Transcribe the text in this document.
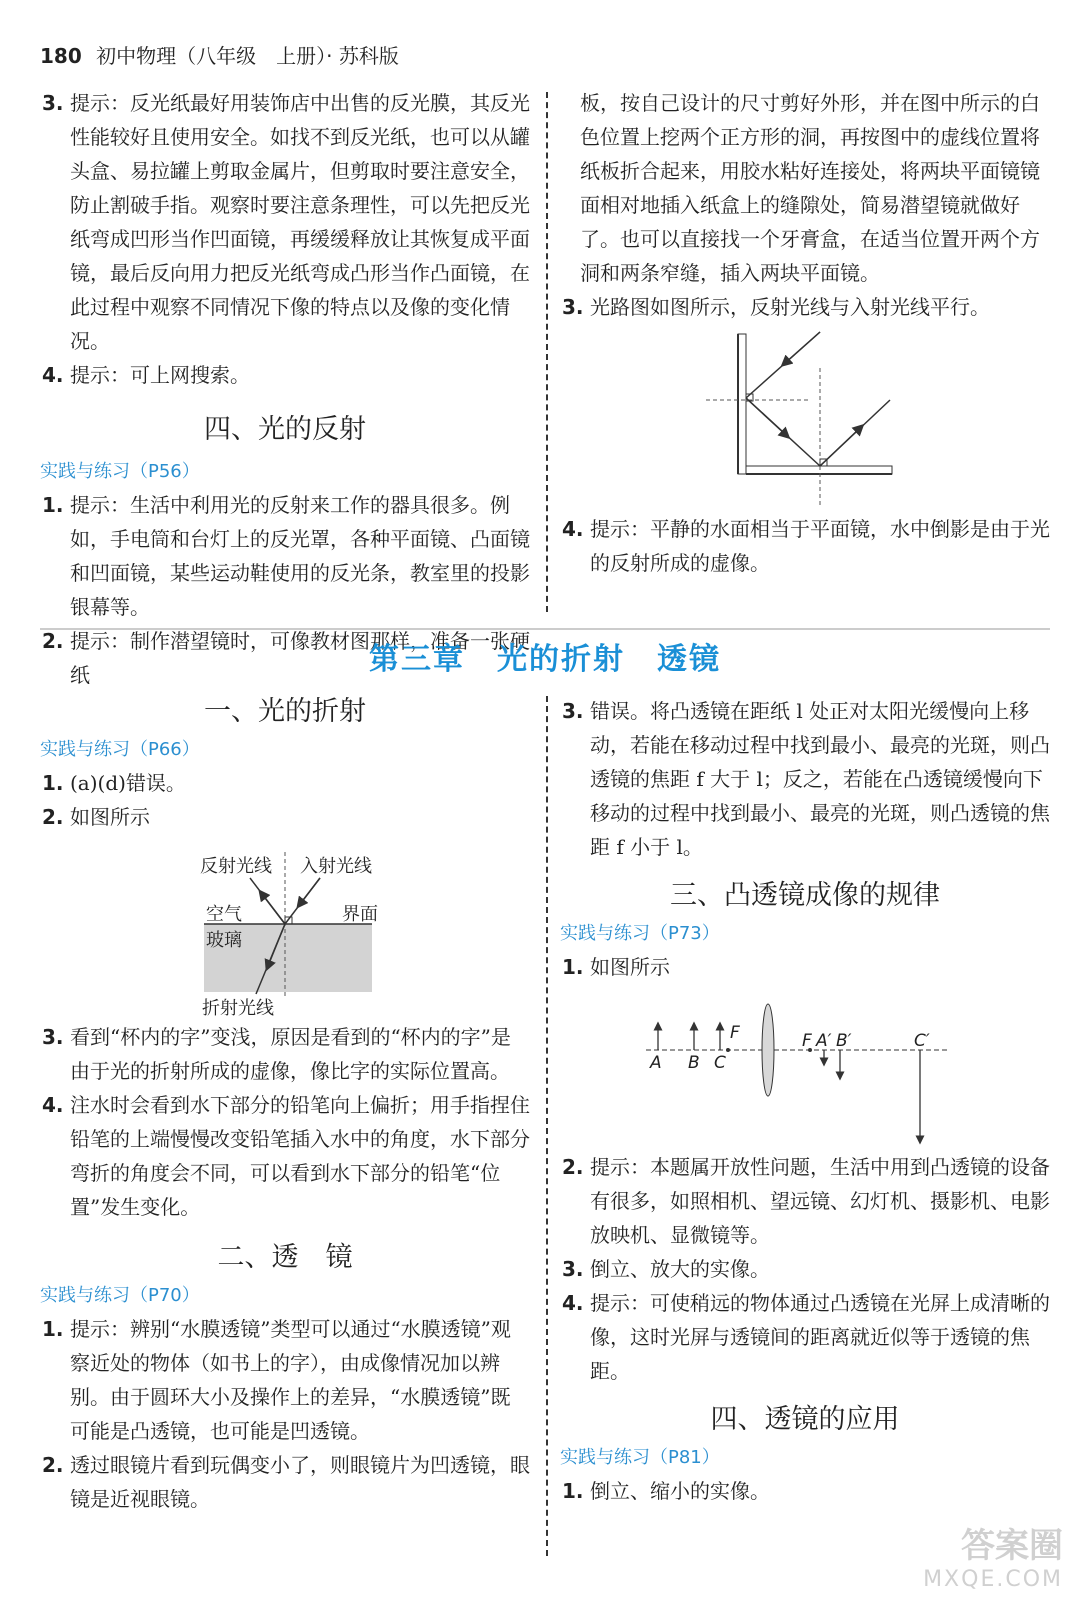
180 初中物理（八年级　上册）· 苏科版
3. 提示：反光纸最好用装饰店中出售的反光膜，其反光性能较好且使用安全。如找不到反光纸，也可以从罐头盒、易拉罐上剪取金属片，但剪取时要注意安全，防止割破手指。观察时要注意条理性，可以先把反光纸弯成凹形当作凹面镜，再缓缓释放让其恢复成平面镜，最后反向用力把反光纸弯成凸形当作凸面镜，在此过程中观察不同情况下像的特点以及像的变化情况。
4. 提示：可上网搜索。
四、光的反射
实践与练习（P56）
1. 提示：生活中利用光的反射来工作的器具很多。例如，手电筒和台灯上的反光罩，各种平面镜、凸面镜和凹面镜，某些运动鞋使用的反光条，教室里的投影银幕等。
2. 提示：制作潜望镜时，可像教材图那样，准备一张硬纸
板，按自己设计的尺寸剪好外形，并在图中所示的白色位置上挖两个正方形的洞，再按图中的虚线位置将纸板折合起来，用胶水粘好连接处，将两块平面镜镜面相对地插入纸盒上的缝隙处，简易潜望镜就做好了。也可以直接找一个牙膏盒，在适当位置开两个方洞和两条窄缝，插入两块平面镜。
3. 光路图如图所示，反射光线与入射光线平行。
4. 提示：平静的水面相当于平面镜，水中倒影是由于光的反射所成的虚像。
第三章　光的折射　透镜
一、光的折射
实践与练习（P66）
1. (a)(d)错误。
2. 如图所示
反射光线 入射光线
空气	界面
玻璃
折射光线
3. 看到“杯内的字”变浅，原因是看到的“杯内的字”是由于光的折射所成的虚像，像比字的实际位置高。
4. 注水时会看到水下部分的铅笔向上偏折；用手指捏住铅笔的上端慢慢改变铅笔插入水中的角度，水下部分弯折的角度会不同，可以看到水下部分的铅笔“位置”发生变化。
二、透　镜
实践与练习（P70）
1. 提示：辨别“水膜透镜”类型可以通过“水膜透镜”观察近处的物体（如书上的字），由成像情况加以辨别。由于圆环大小及操作上的差异，“水膜透镜”既可能是凸透镜，也可能是凹透镜。
2. 透过眼镜片看到玩偶变小了，则眼镜片为凹透镜，眼镜是近视眼镜。
3. 错误。将凸透镜在距纸 l 处正对太阳光缓慢向上移动，若能在移动过程中找到最小、最亮的光斑，则凸透镜的焦距 f 大于 l；反之，若能在凸透镜缓慢向下移动的过程中找到最小、最亮的光斑，则凸透镜的焦距 f 小于 l。
三、凸透镜成像的规律
实践与练习（P73）
1. 如图所示
A B C
F	F A′ B′	C′
2. 提示：本题属开放性问题，生活中用到凸透镜的设备有很多，如照相机、望远镜、幻灯机、摄影机、电影放映机、显微镜等。
3. 倒立、放大的实像。
4. 提示：可使稍远的物体通过凸透镜在光屏上成清晰的像，这时光屏与透镜间的距离就近似等于透镜的焦距。
四、透镜的应用
实践与练习（P81）
1. 倒立、缩小的实像。
答案圈
MXQE.COM
